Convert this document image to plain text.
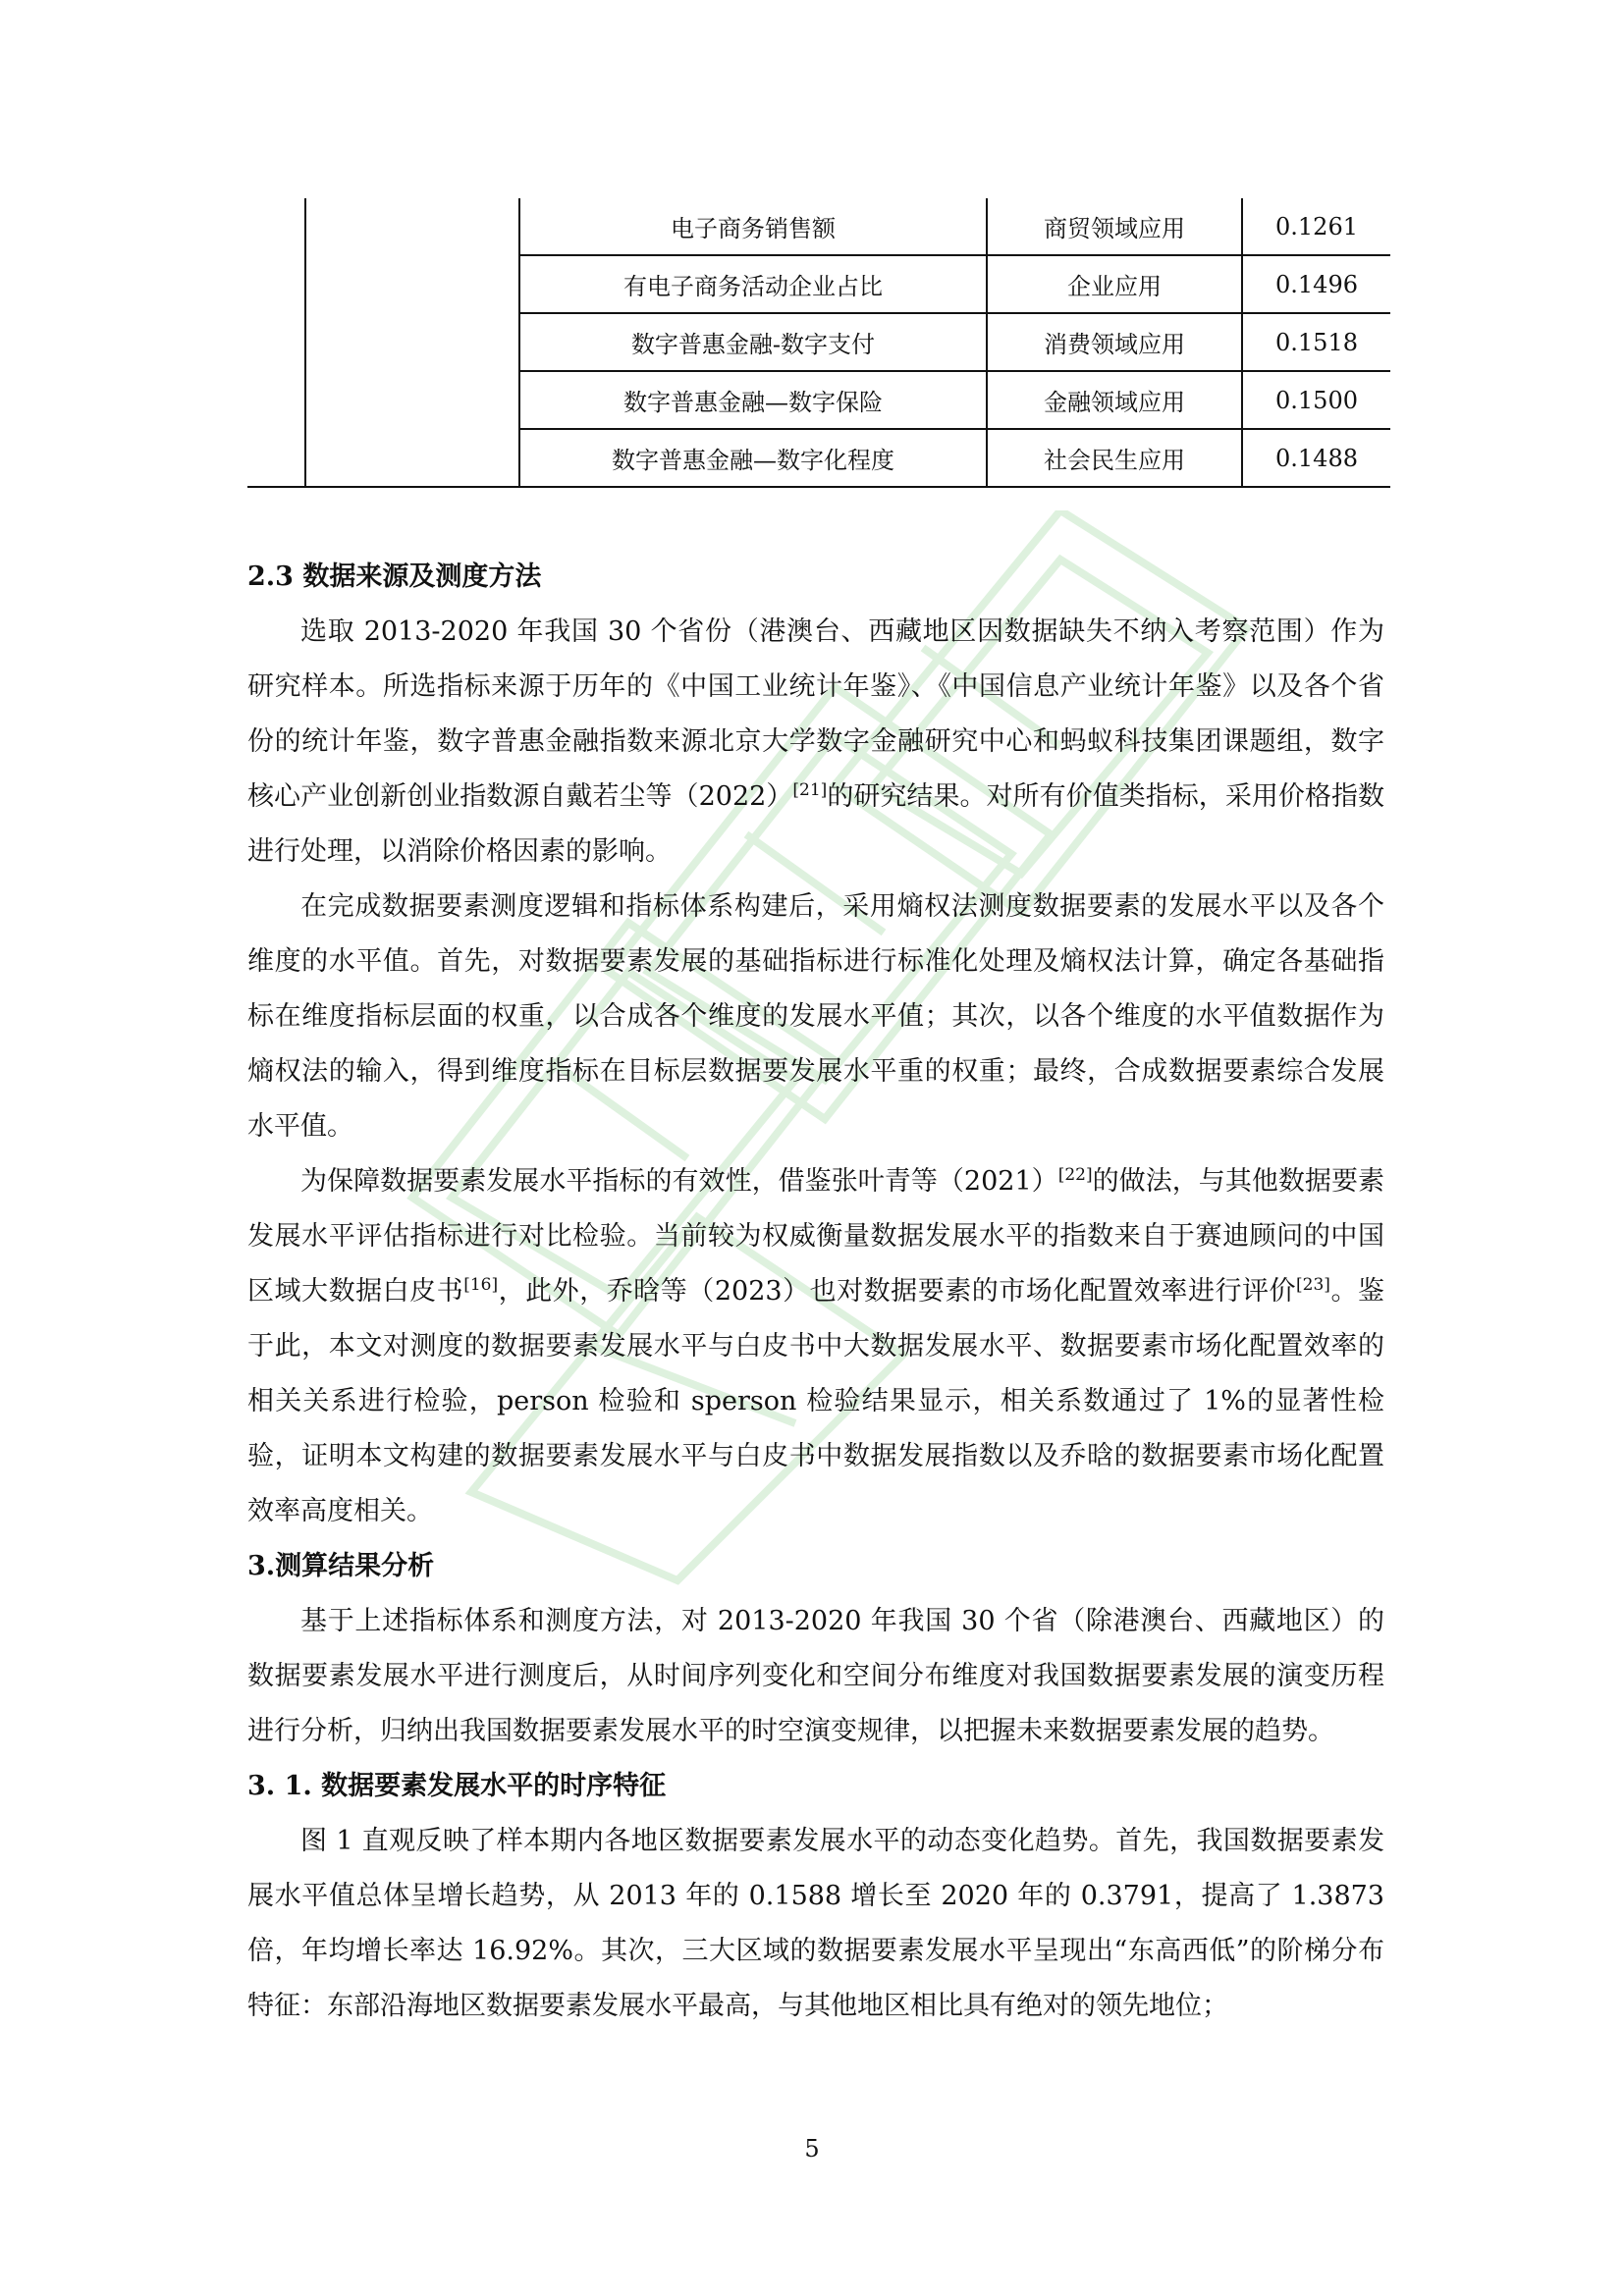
		电子商务销售额	商贸领域应用	0.1261
		有电子商务活动企业占比	企业应用	0.1496
		数字普惠金融-数字支付	消费领域应用	0.1518
		数字普惠金融—数字保险	金融领域应用	0.1500
		数字普惠金融—数字化程度	社会民生应用	0.1488

2.3 数据来源及测度方法

选取 2013-2020 年我国 30 个省份（港澳台、西藏地区因数据缺失不纳入考察范围）作为研究样本。所选指标来源于历年的《中国工业统计年鉴》、《中国信息产业统计年鉴》以及各个省份的统计年鉴，数字普惠金融指数来源北京大学数字金融研究中心和蚂蚁科技集团课题组，数字核心产业创新创业指数源自戴若尘等（2022）[21]的研究结果。对所有价值类指标，采用价格指数进行处理，以消除价格因素的影响。

在完成数据要素测度逻辑和指标体系构建后，采用熵权法测度数据要素的发展水平以及各个维度的水平值。首先，对数据要素发展的基础指标进行标准化处理及熵权法计算，确定各基础指标在维度指标层面的权重，以合成各个维度的发展水平值；其次，以各个维度的水平值数据作为熵权法的输入，得到维度指标在目标层数据要发展水平重的权重；最终，合成数据要素综合发展水平值。

为保障数据要素发展水平指标的有效性，借鉴张叶青等（2021）[22]的做法，与其他数据要素发展水平评估指标进行对比检验。当前较为权威衡量数据发展水平的指数来自于赛迪顾问的中国区域大数据白皮书[16]，此外，乔晗等（2023）也对数据要素的市场化配置效率进行评价[23]。鉴于此，本文对测度的数据要素发展水平与白皮书中大数据发展水平、数据要素市场化配置效率的相关关系进行检验，person 检验和 sperson 检验结果显示，相关系数通过了 1%的显著性检验，证明本文构建的数据要素发展水平与白皮书中数据发展指数以及乔晗的数据要素市场化配置效率高度相关。

3.测算结果分析

基于上述指标体系和测度方法，对 2013-2020 年我国 30 个省（除港澳台、西藏地区）的数据要素发展水平进行测度后，从时间序列变化和空间分布维度对我国数据要素发展的演变历程进行分析，归纳出我国数据要素发展水平的时空演变规律，以把握未来数据要素发展的趋势。

3. 1. 数据要素发展水平的时序特征

图 1 直观反映了样本期内各地区数据要素发展水平的动态变化趋势。首先，我国数据要素发展水平值总体呈增长趋势，从 2013 年的 0.1588 增长至 2020 年的 0.3791，提高了 1.3873 倍，年均增长率达 16.92%。其次，三大区域的数据要素发展水平呈现出“东高西低”的阶梯分布特征：东部沿海地区数据要素发展水平最高，与其他地区相比具有绝对的领先地位；

5
